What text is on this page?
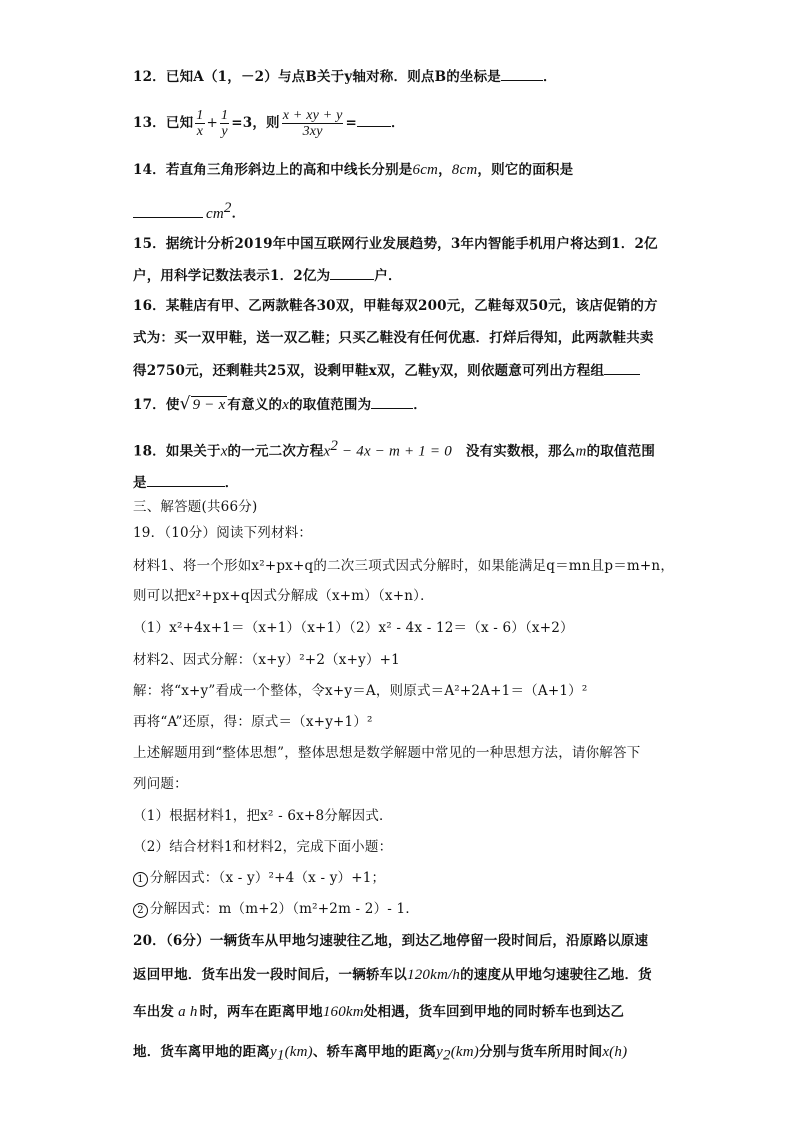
12．已知A（1，－2）与点B关于y轴对称．则点B的坐标是	．
13．已知 $\frac{1}{x} + \frac{1}{y} =3$，则 $\frac{x + xy + y}{3xy}$ =	．
14．若直角三角形斜边上的高和中线长分别是6cm，8cm，则它的面积是
$cm^2$．
15．据统计分析2019年中国互联网行业发展趋势，3年内智能手机用户将达到1．2亿
户，用科学记数法表示1．2亿为	户．
16．某鞋店有甲、乙两款鞋各30双，甲鞋每双200元，乙鞋每双50元，该店促销的方
式为：买一双甲鞋，送一双乙鞋；只买乙鞋没有任何优惠．打烊后得知，此两款鞋共卖
得2750元，还剩鞋共25双，设剩甲鞋x双，乙鞋y双，则依题意可列出方程组
17．使√ 9 − x 有意义的x的取值范围为	．
18．如果关于x的一元二次方程$x^2 - 4x - m + 1 = 0$ 没有实数根，那么m的取值范围
是	．
三、解答题(共66分)
19．（10分）阅读下列材料：
材料1、将一个形如x²+px+q的二次三项式因式分解时，如果能满足q＝mn且p＝m+n，
则可以把x²+px+q因式分解成（x+m）（x+n）．
（1）x²+4x+1＝（x+1）（x+1）（2）x² - 4x - 12＝（x - 6）（x+2）
材料2、因式分解：（x+y）²+2（x+y）+1
解：将“x+y”看成一个整体，令x+y＝A，则原式＝A²+2A+1＝（A+1）²
再将“A”还原，得：原式＝（x+y+1）²
上述解题用到“整体思想”，整体思想是数学解题中常见的一种思想方法，请你解答下
列问题：
（1）根据材料1，把x² - 6x+8分解因式．
（2）结合材料1和材料2，完成下面小题：
1 分解因式：（x - y）²+4（x - y）+1；
2 分解因式：m（m+2）（m²+2m - 2）- 1．
20．（6分）一辆货车从甲地匀速驶往乙地，到达乙地停留一段时间后，沿原路以原速
返回甲地．货车出发一段时间后，一辆轿车以120km/h的速度从甲地匀速驶往乙地．货
车出发 a h 时，两车在距离甲地160km处相遇，货车回到甲地的同时轿车也到达乙
地．货车离甲地的距离$y_1(km)$、轿车离甲地的距离$y_2(km)$分别与货车所用时间x(h)
